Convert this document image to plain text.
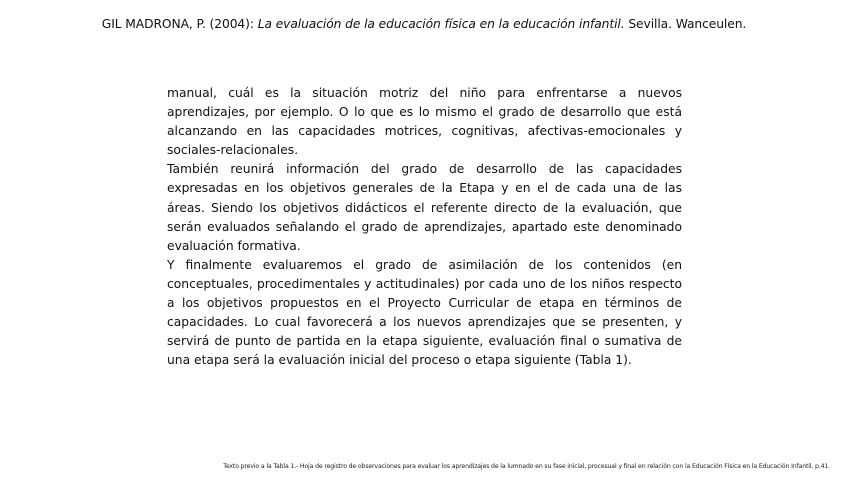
GIL MADRONA, P. (2004): La evaluación de la educación física en la educación infantil. Sevilla. Wanceulen.

manual, cuál es la situación motriz del niño para enfrentarse a nuevos aprendizajes, por ejemplo. O lo que es lo mismo el grado de desarrollo que está alcanzando en las capacidades motrices, cognitivas, afectivas-emocionales y sociales-relacionales.

También reunirá información del grado de desarrollo de las capacidades expresadas en los objetivos generales de la Etapa y en el de cada una de las áreas. Siendo los objetivos didácticos el referente directo de la evaluación, que serán evaluados señalando el grado de aprendizajes, apartado este denominado evaluación formativa.

Y finalmente evaluaremos el grado de asimilación de los contenidos (en conceptuales, procedimentales y actitudinales) por cada uno de los niños respecto a los objetivos propuestos en el Proyecto Curricular de etapa en términos de capacidades. Lo cual favorecerá a los nuevos aprendizajes que se presenten, y servirá de punto de partida en la etapa siguiente, evaluación final o sumativa de una etapa será la evaluación inicial del proceso o etapa siguiente (Tabla 1).

Texto previo a la Tabla 1.- Hoja de registro de observaciones para evaluar los aprendizajes de la lumnado en su fase inicial, procesual y final en relación con la Educación Física en la Educación Infantil, p.41.
